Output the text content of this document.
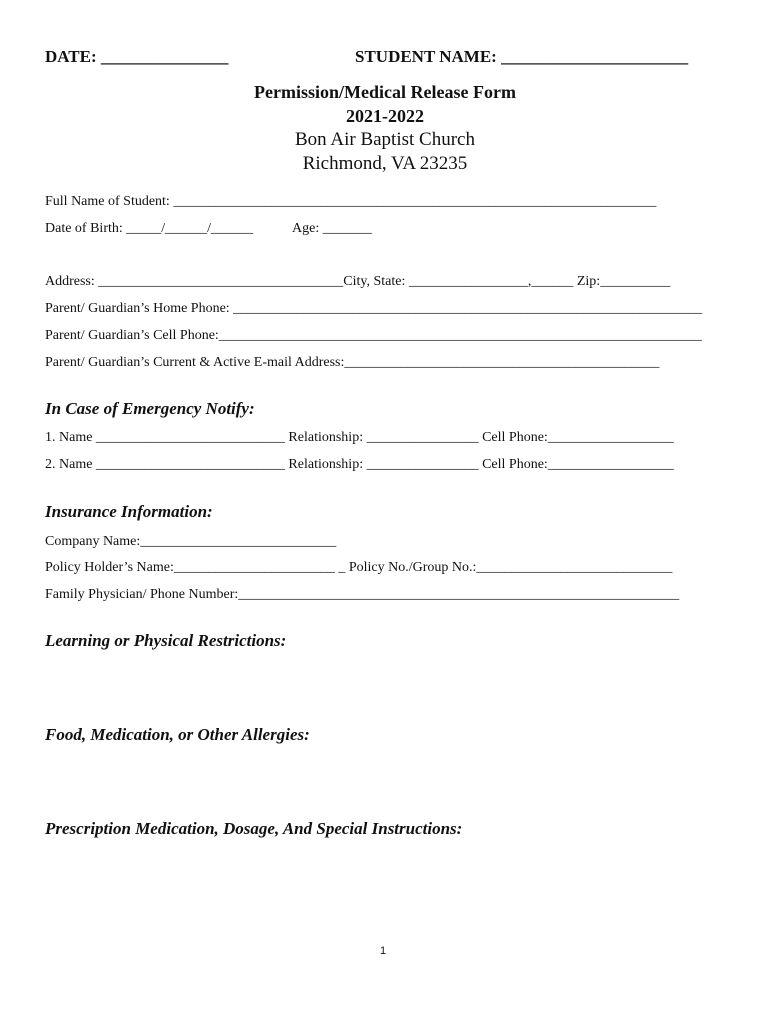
DATE: _______________	STUDENT NAME: ______________________
Permission/Medical Release Form
2021-2022
Bon Air Baptist Church
Richmond, VA 23235
Full Name of Student: _____________________________________________________________________
Date of Birth: _____/______/______	Age: _______
Address: ___________________________________City, State: _________________,______ Zip:__________
Parent/ Guardian’s Home Phone: ___________________________________________________________________
Parent/ Guardian’s Cell Phone:_____________________________________________________________________
Parent/ Guardian’s Current & Active E-mail Address:_____________________________________________
In Case of Emergency Notify:
1. Name ___________________________ Relationship: ________________ Cell Phone:__________________
2. Name ___________________________ Relationship: ________________ Cell Phone:__________________
Insurance Information:
Company Name:____________________________
Policy Holder’s Name:_______________________ _ Policy No./Group No.:____________________________
Family Physician/ Phone Number:_______________________________________________________________
Learning or Physical Restrictions:
Food, Medication, or Other Allergies:
Prescription Medication, Dosage, And Special Instructions:
1
